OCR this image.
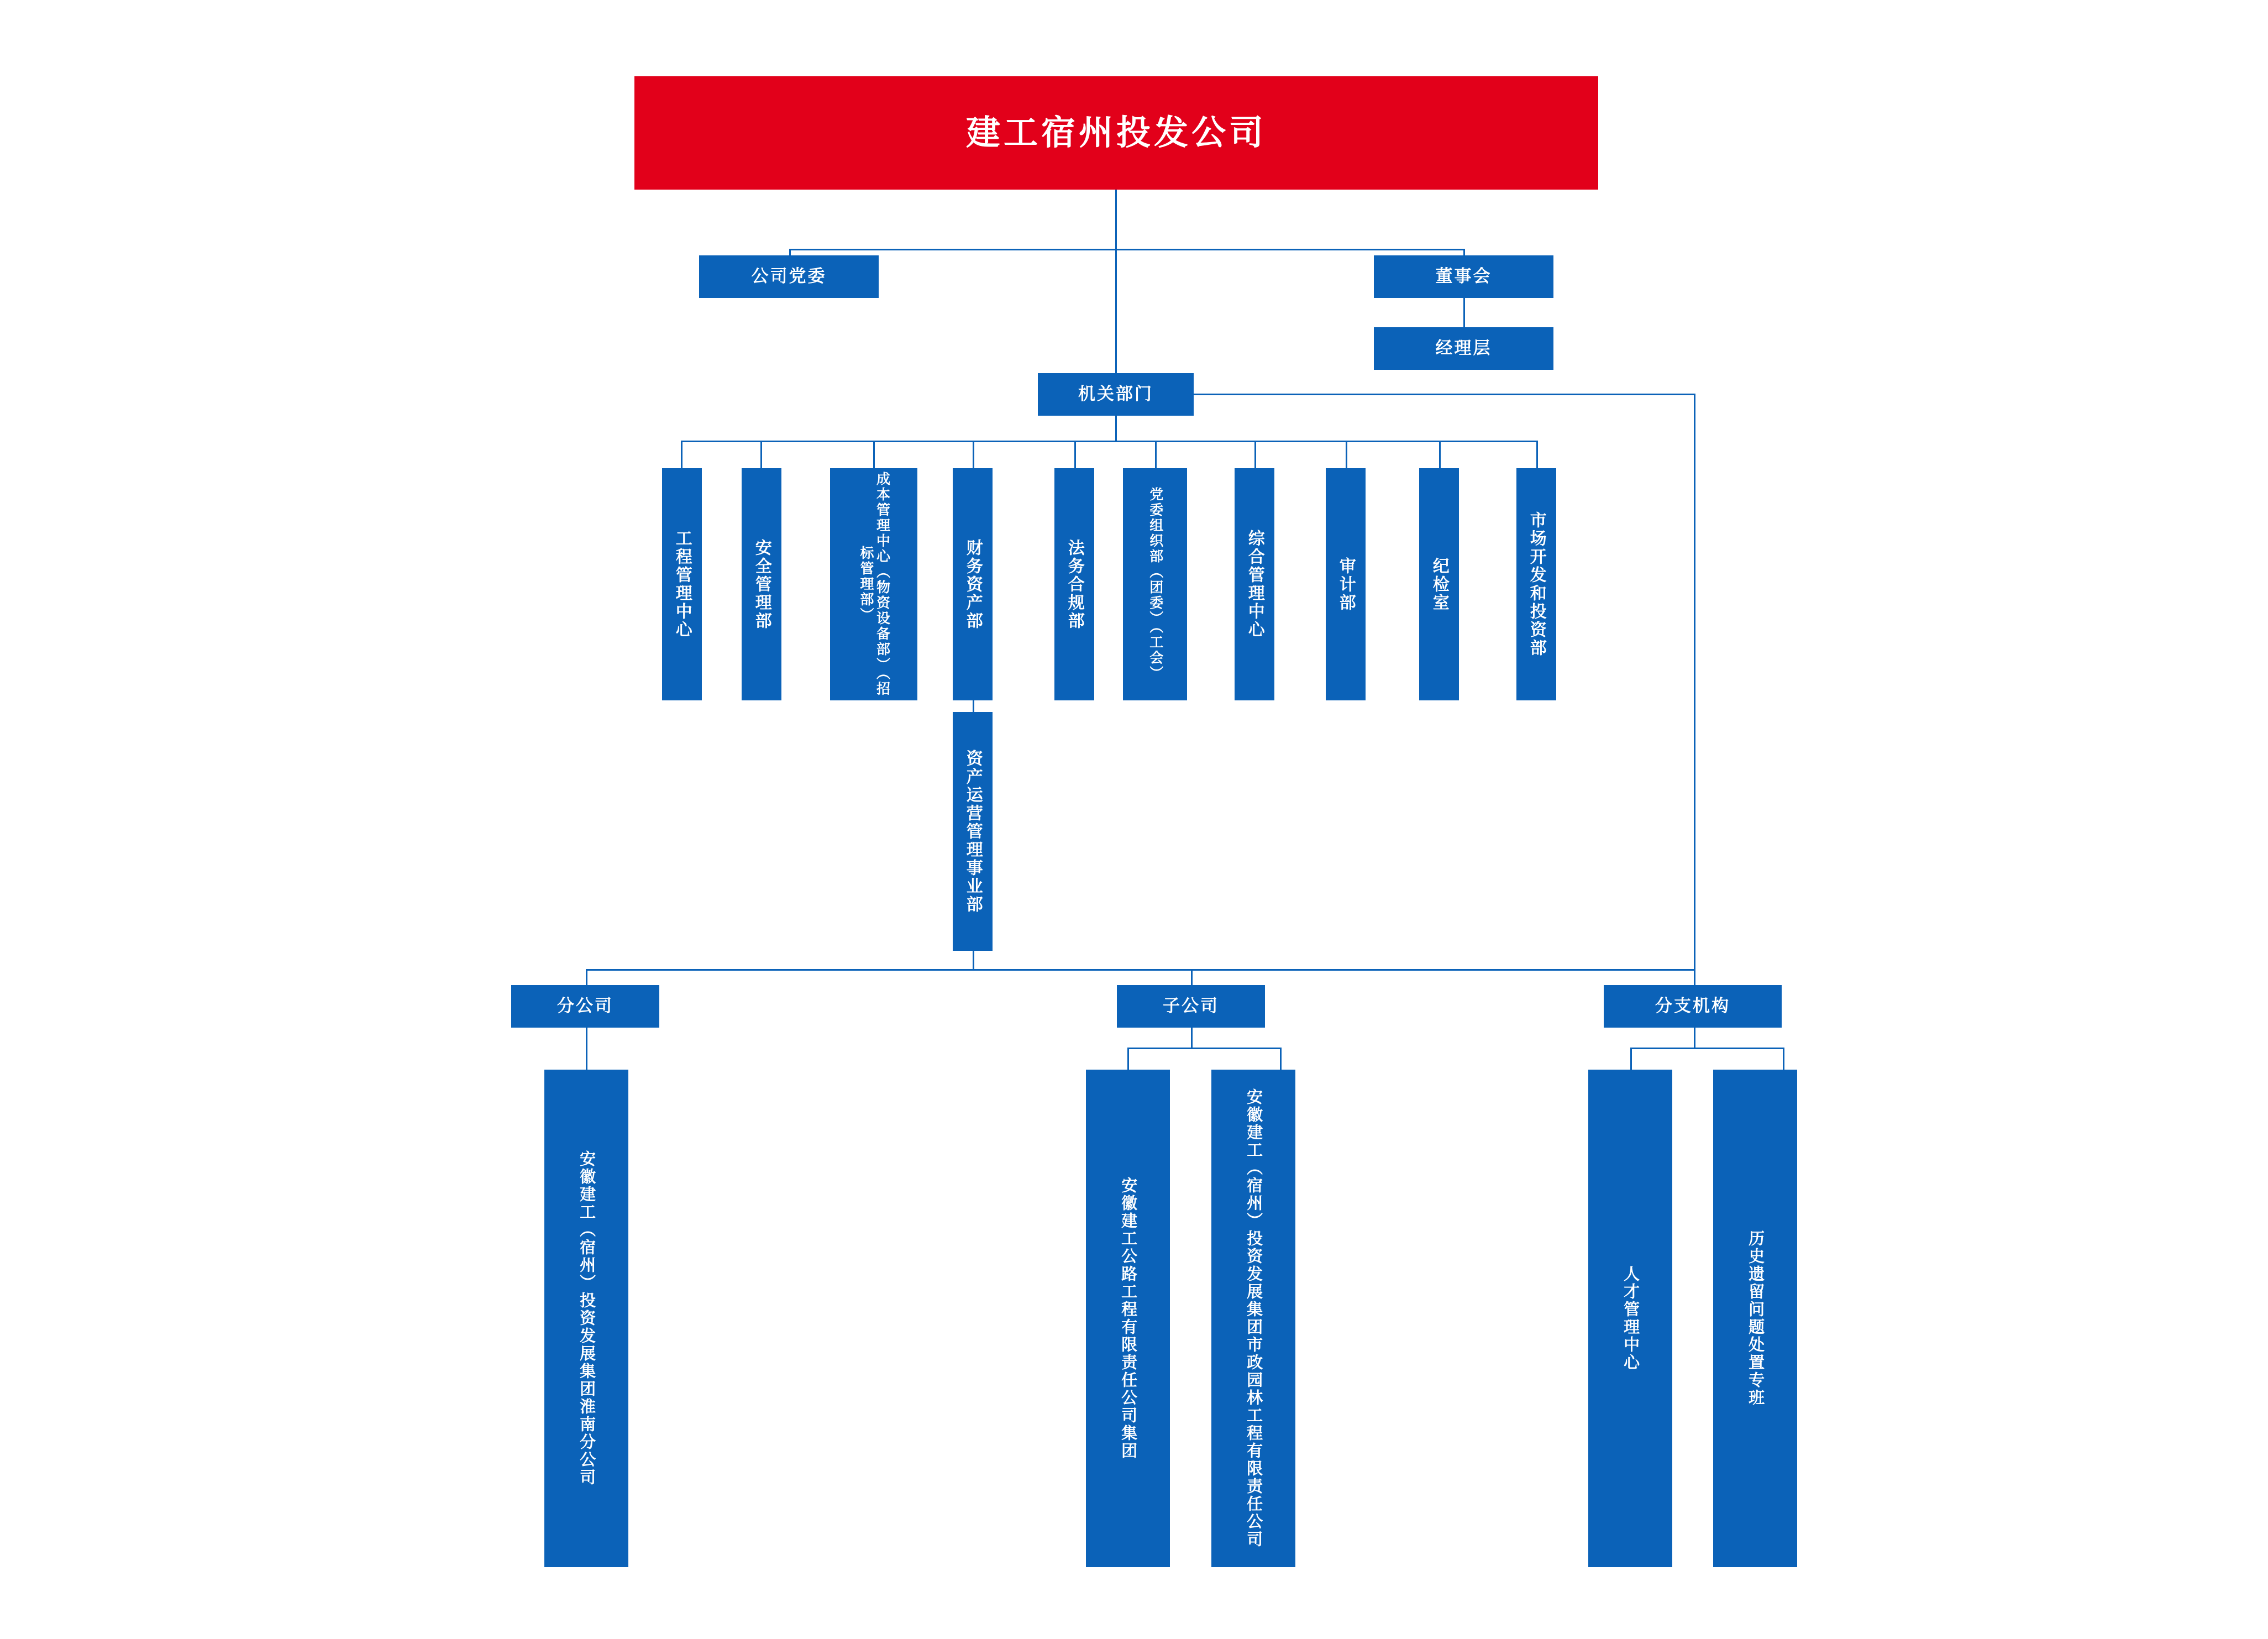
建工宿州投发公司
公司党委	董事会
经理层
机关部门
工程管理中心	安全管理部	成本管理中心（物资设备部）（招标管理部）	财务资产部	法务合规部	党委组织部（团委）（工会）	综合管理中心	审计部	纪检室	市场开发和投资部
资产运营管理事业部
分公司	子公司	分支机构
安徽建工（宿州）投资发展集团淮南分公司	安徽建工公路工程有限责任公司集团	安徽建工（宿州）投资发展集团市政园林工程有限责任公司	人才管理中心	历史遗留问题处置专班
